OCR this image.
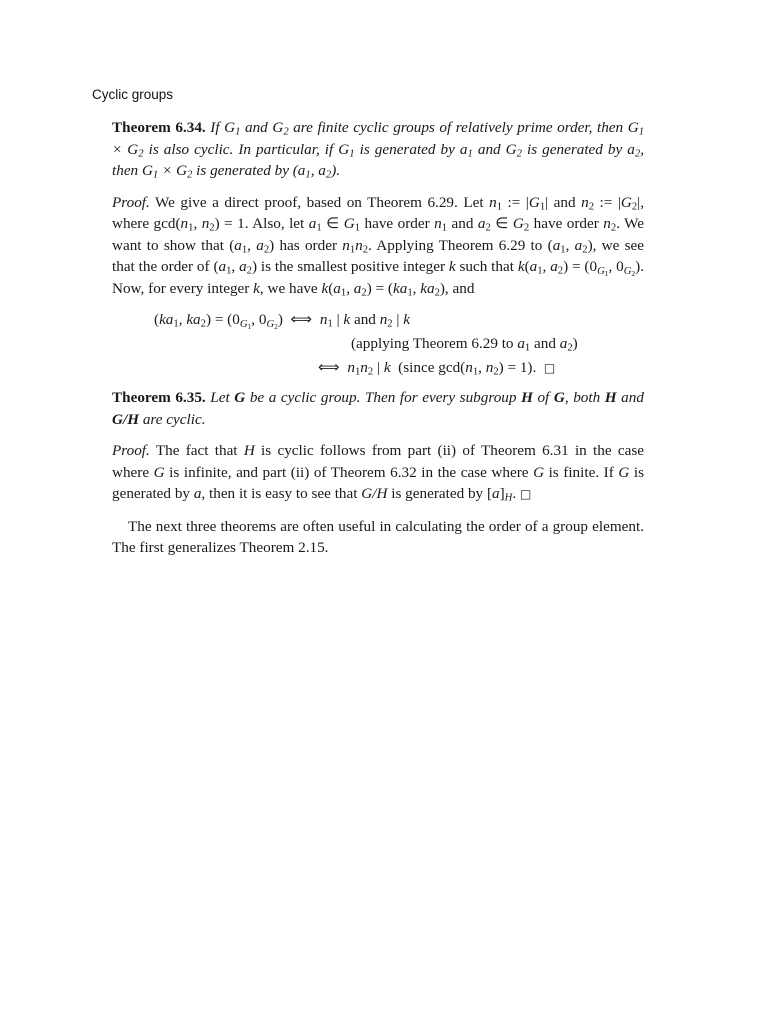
Cyclic groups

Theorem 6.34. If $G_1$ and $G_2$ are finite cyclic groups of relatively prime order, then $G_1 \times G_2$ is also cyclic. In particular, if $G_1$ is generated by $a_1$ and $G_2$ is generated by $a_2$, then $G_1 \times G_2$ is generated by ($a_1$, $a_2$).

Proof. We give a direct proof, based on Theorem 6.29. Let $n_1$ := $|G_1|$ and $n_2$ := $|G_2|$, where $\gcd(n_1$, $n_2) = 1$. Also, let $a_1$ ∈ $G_1$ have order $n_1$ and $a_2$ ∈ $G_2$ have order $n_2$. We want to show that ($a_1$, $a_2$) has order $n_1n_2$. Applying Theorem 6.29 to ($a_1$, $a_2$), we see that the order of ($a_1$, $a_2$) is the smallest positive integer k such that $k(a_1$, $a_2) = (0_{G_1}$, $0_{G_2}$). Now, for every integer k, we have $k(a_1$, $a_2) = (ka_1$, $ka_2$), and

($ka_1$, $ka_2) = (0_{G_1}$, $0_{G_2}$)  ⟺ $n_1$ | k and $n_2$ | k
(applying Theorem 6.29 to $a_1$ and $a_2$)
⟺ $n_1n_2$ | k  (since $\gcd(n_1$, $n_2) = 1$).  □

Theorem 6.35. Let G be a cyclic group. Then for every subgroup H of G, both H and G/H are cyclic.

Proof. The fact that H is cyclic follows from part (ii) of Theorem 6.31 in the case where G is infinite, and part (ii) of Theorem 6.32 in the case where G is finite. If G is generated by a, then it is easy to see that G/H is generated by $[a]_H$. □

The next three theorems are often useful in calculating the order of a group element. The first generalizes Theorem 2.15.
